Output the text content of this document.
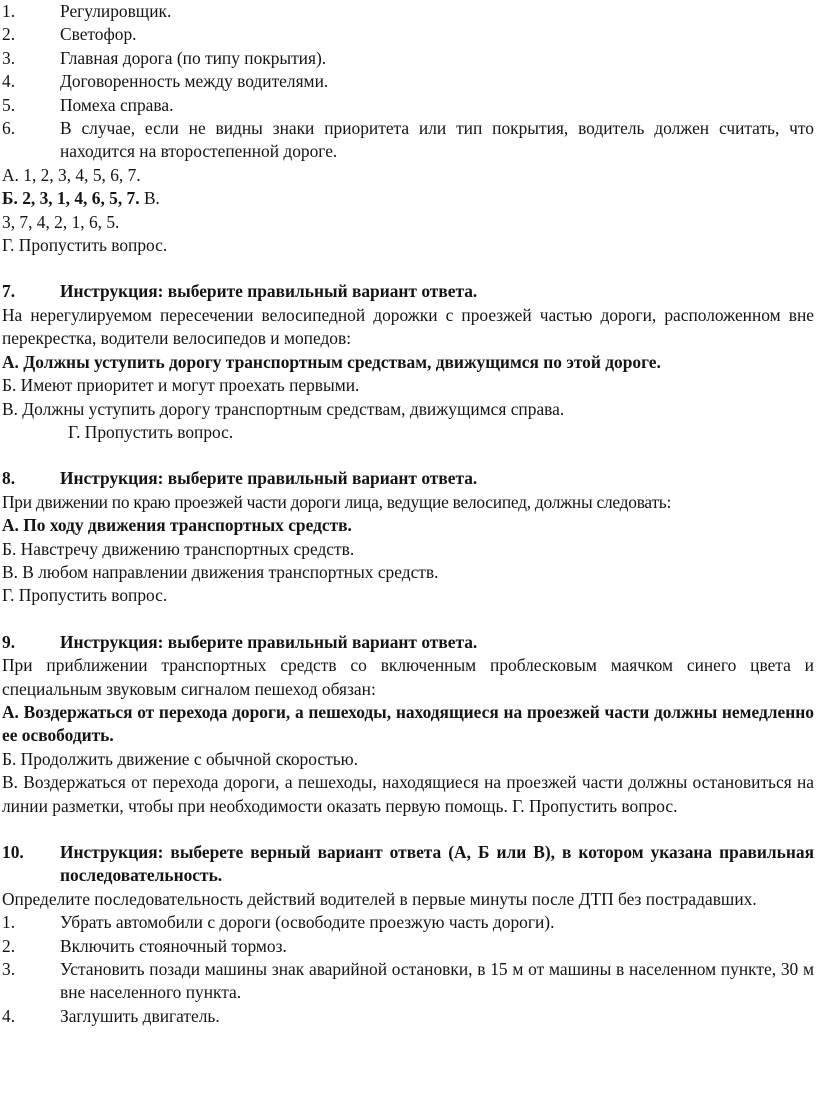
1.	Регулировщик.
2.	Светофор.
3.	Главная дорога (по типу покрытия).
4.	Договоренность между водителями.
5.	Помеха справа.
6.	В случае, если не видны знаки приоритета или тип покрытия, водитель должен считать, что находится на второстепенной дороге.
А. 1, 2, 3, 4, 5, 6, 7.
Б. 2, 3, 1, 4, 6, 5, 7. В.
3, 7, 4, 2, 1, 6, 5.
Г. Пропустить вопрос.
7.	Инструкция: выберите правильный вариант ответа.
На нерегулируемом пересечении велосипедной дорожки с проезжей частью дороги, расположенном вне перекрестка, водители велосипедов и мопедов:
А. Должны уступить дорогу транспортным средствам, движущимся по этой дороге.
Б. Имеют приоритет и могут проехать первыми.
В. Должны уступить дорогу транспортным средствам, движущимся справа.
Г. Пропустить вопрос.
8.	Инструкция: выберите правильный вариант ответа.
При движении по краю проезжей части дороги лица, ведущие велосипед, должны следовать:
А. По ходу движения транспортных средств.
Б. Навстречу движению транспортных средств.
В. В любом направлении движения транспортных средств.
Г. Пропустить вопрос.
9.	Инструкция: выберите правильный вариант ответа.
При приближении транспортных средств со включенным проблесковым маячком синего цвета и специальным звуковым сигналом пешеход обязан:
А. Воздержаться от перехода дороги, а пешеходы, находящиеся на проезжей части должны немедленно ее освободить.
Б. Продолжить движение с обычной скоростью.
В. Воздержаться от перехода дороги, а пешеходы, находящиеся на проезжей части должны остановиться на линии разметки, чтобы при необходимости оказать первую помощь. Г. Пропустить вопрос.
10.	Инструкция: выберете верный вариант ответа (А, Б или В), в котором указана правильная последовательность.
Определите последовательность действий водителей в первые минуты после ДТП без пострадавших.
1.	Убрать автомобили с дороги (освободите проезжую часть дороги).
2.	Включить стояночный тормоз.
3.	Установить позади машины знак аварийной остановки, в 15 м от машины в населенном пункте, 30 м вне населенного пункта.
4.	Заглушить двигатель.
